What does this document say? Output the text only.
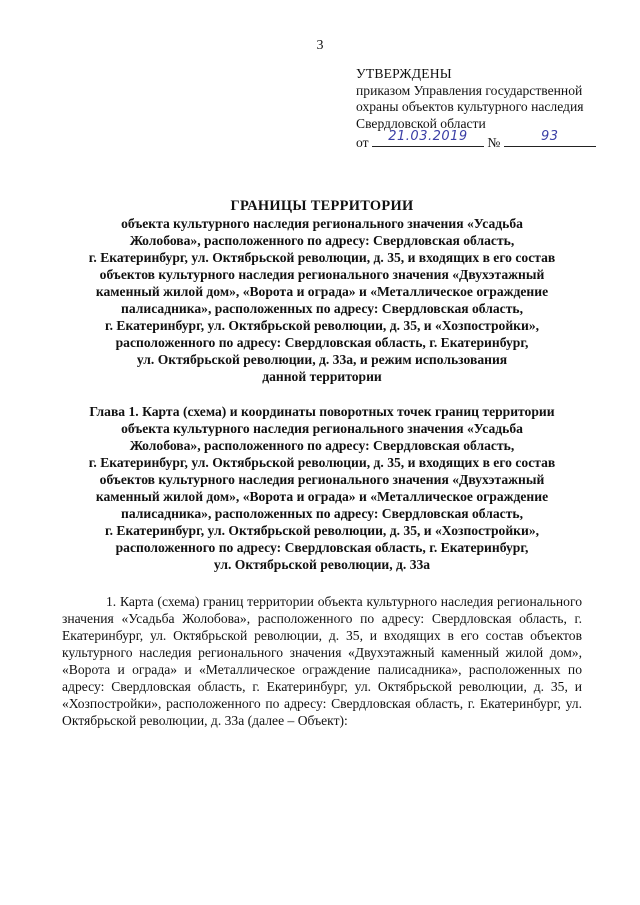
3
УТВЕРЖДЕНЫ
приказом Управления государственной
охраны объектов культурного наследия
Свердловской области
от	21.03.2019	№	93
ГРАНИЦЫ ТЕРРИТОРИИ
объекта культурного наследия регионального значения «Усадьба
Жолобова», расположенного по адресу: Свердловская область,
г. Екатеринбург, ул. Октябрьской революции, д. 35, и входящих в его состав
объектов культурного наследия регионального значения «Двухэтажный
каменный жилой дом», «Ворота и ограда» и «Металлическое ограждение
палисадника», расположенных по адресу: Свердловская область,
г. Екатеринбург, ул. Октябрьской революции, д. 35, и «Хозпостройки»,
расположенного по адресу: Свердловская область, г. Екатеринбург,
ул. Октябрьской революции, д. 33а, и режим использования
данной территории
Глава 1. Карта (схема) и координаты поворотных точек границ территории
объекта культурного наследия регионального значения «Усадьба
Жолобова», расположенного по адресу: Свердловская область,
г. Екатеринбург, ул. Октябрьской революции, д. 35, и входящих в его состав
объектов культурного наследия регионального значения «Двухэтажный
каменный жилой дом», «Ворота и ограда» и «Металлическое ограждение
палисадника», расположенных по адресу: Свердловская область,
г. Екатеринбург, ул. Октябрьской революции, д. 35, и «Хозпостройки»,
расположенного по адресу: Свердловская область, г. Екатеринбург,
ул. Октябрьской революции, д. 33а
1. Карта (схема) границ территории объекта культурного наследия регионального значения «Усадьба Жолобова», расположенного по адресу: Свердловская область, г. Екатеринбург, ул. Октябрьской революции, д. 35, и входящих в его состав объектов культурного наследия регионального значения «Двухэтажный каменный жилой дом», «Ворота и ограда» и «Металлическое ограждение палисадника», расположенных по адресу: Свердловская область, г. Екатеринбург, ул. Октябрьской революции, д. 35, и «Хозпостройки», расположенного по адресу: Свердловская область, г. Екатеринбург, ул. Октябрьской революции, д. 33а (далее – Объект):
